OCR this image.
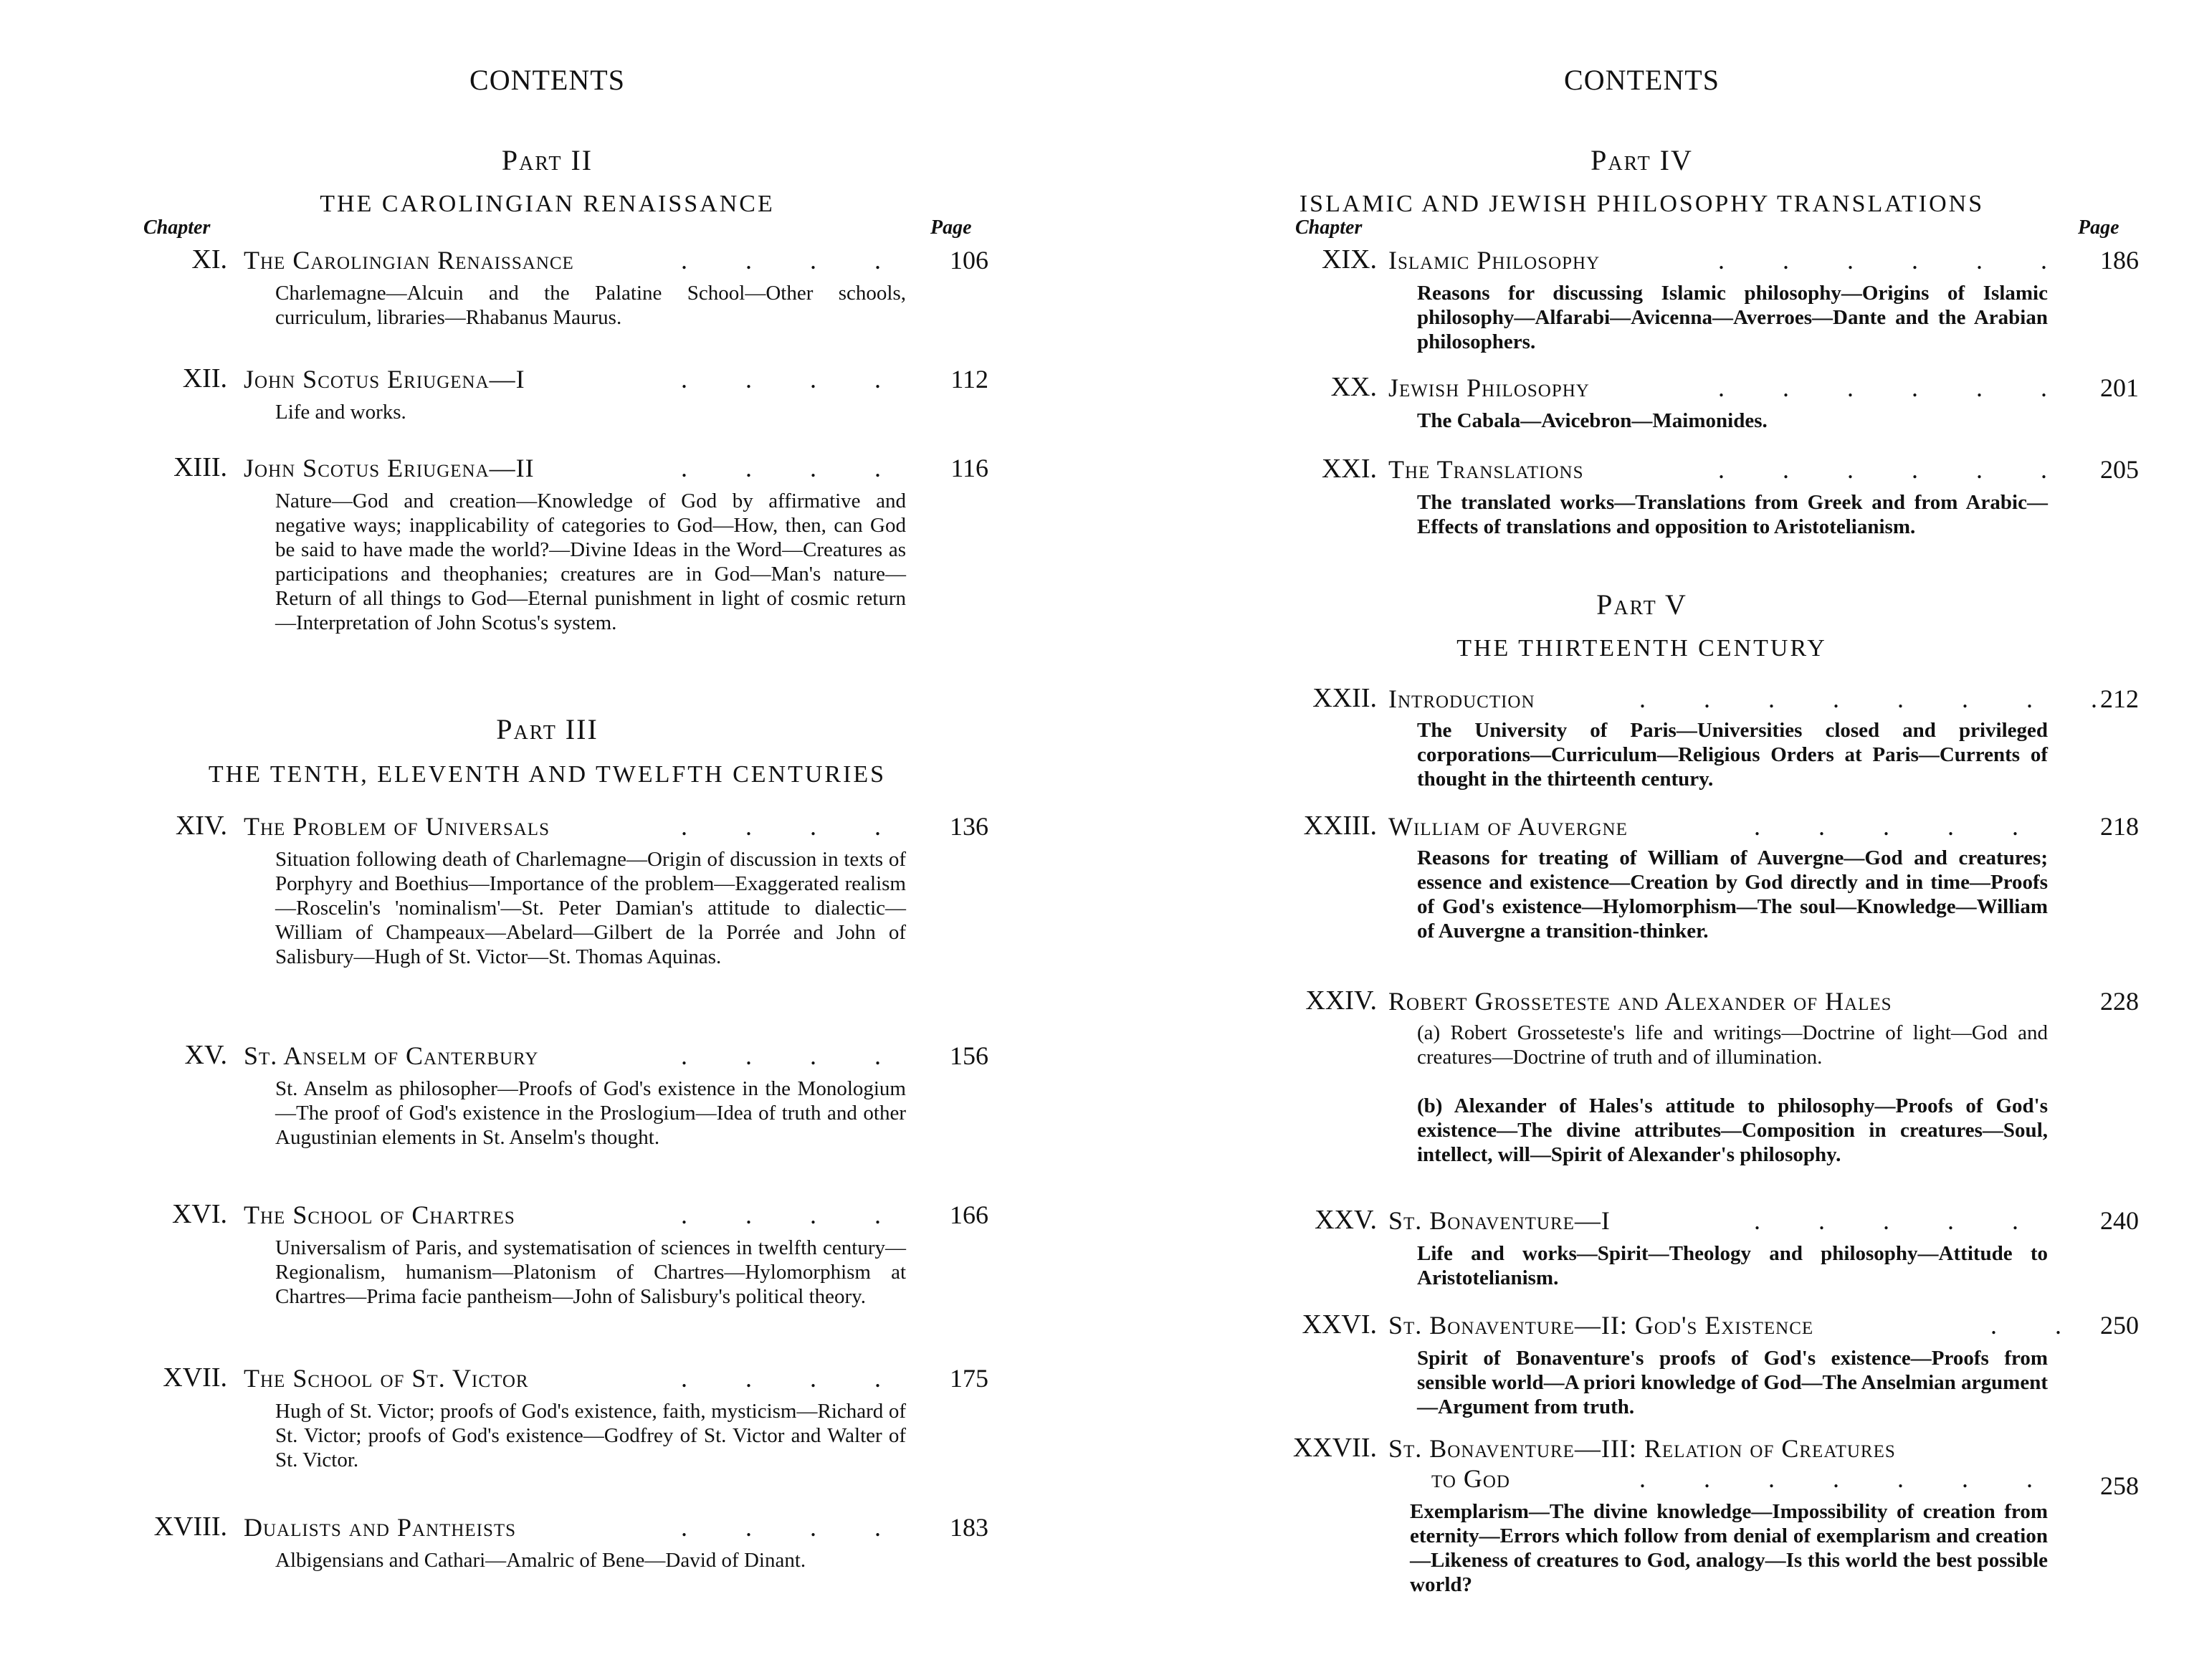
CONTENTS
Part II
THE CAROLINGIAN RENAISSANCE
Chapter	Page
XI. The Carolingian Renaissance	.         .         .         .	106
Charlemagne—Alcuin and the Palatine School—Other schools, curriculum, libraries—Rhabanus Maurus.
XII. John Scotus Eriugena—I	.         .         .         .	112
Life and works.
XIII. John Scotus Eriugena—II	.         .         .         .	116
Nature—God and creation—Knowledge of God by affirmative and negative ways; inapplicability of categories to God—How, then, can God be said to have made the world?—Divine Ideas in the Word—Creatures as participations and theophanies; creatures are in God—Man's nature—Return of all things to God—Eternal punishment in light of cosmic return—Interpretation of John Scotus's system.
Part III
THE TENTH, ELEVENTH AND TWELFTH CENTURIES
XIV. The Problem of Universals	.         .         .         .	136
Situation following death of Charlemagne—Origin of discussion in texts of Porphyry and Boethius—Importance of the problem—Exaggerated realism—Roscelin's 'nominalism'—St. Peter Damian's attitude to dialectic—William of Champeaux—Abelard—Gilbert de la Porrée and John of Salisbury—Hugh of St. Victor—St. Thomas Aquinas.
XV. St. Anselm of Canterbury	.         .         .         .	156
St. Anselm as philosopher—Proofs of God's existence in the Monologium—The proof of God's existence in the Proslogium—Idea of truth and other Augustinian elements in St. Anselm's thought.
XVI. The School of Chartres	.         .         .         .	166
Universalism of Paris, and systematisation of sciences in twelfth century—Regionalism, humanism—Platonism of Chartres—Hylomorphism at Chartres—Prima facie pantheism—John of Salisbury's political theory.
XVII. The School of St. Victor	.         .         .         .	175
Hugh of St. Victor; proofs of God's existence, faith, mysticism—Richard of St. Victor; proofs of God's existence—Godfrey of St. Victor and Walter of St. Victor.
XVIII. Dualists and Pantheists	.         .         .         .	183
Albigensians and Cathari—Amalric of Bene—David of Dinant.
CONTENTS
Part IV
ISLAMIC AND JEWISH PHILOSOPHY TRANSLATIONS
Chapter	Page
XIX. Islamic Philosophy	.         .         .         .         .         . 186
Reasons for discussing Islamic philosophy—Origins of Islamic philosophy—Alfarabi—Avicenna—Averroes—Dante and the Arabian philosophers.
XX. Jewish Philosophy	.         .         .         .         .         . 201
The Cabala—Avicebron—Maimonides.
XXI. The Translations	.         .         .         .         .         . 205
The translated works—Translations from Greek and from Arabic—Effects of translations and opposition to Aristotelianism.
Part V
THE THIRTEENTH CENTURY
XXII. Introduction	.         .         .         .         .         .         .         . 212
The University of Paris—Universities closed and privileged corporations—Curriculum—Religious Orders at Paris—Currents of thought in the thirteenth century.
XXIII. William of Auvergne	.         .         .         .         .	218
Reasons for treating of William of Auvergne—God and creatures; essence and existence—Creation by God directly and in time—Proofs of God's existence—Hylomorphism—The soul—Knowledge—William of Auvergne a transition-thinker.
XXIV. Robert Grosseteste and Alexander of Hales	228
(a) Robert Grosseteste's life and writings—Doctrine of light—God and creatures—Doctrine of truth and of illumination.
(b) Alexander of Hales's attitude to philosophy—Proofs of God's existence—The divine attributes—Composition in creatures—Soul, intellect, will—Spirit of Alexander's philosophy.
XXV. St. Bonaventure—I	.         .         .         .         .	240
Life and works—Spirit—Theology and philosophy—Attitude to Aristotelianism.
XXVI. St. Bonaventure—II: God's Existence	.         . 250
Spirit of Bonaventure's proofs of God's existence—Proofs from sensible world—A priori knowledge of God—The Anselmian argument—Argument from truth.
XXVII. St. Bonaventure—III: Relation of Creatures
to God	.         .         .         .         .         .         .	258
Exemplarism—The divine knowledge—Impossibility of creation from eternity—Errors which follow from denial of exemplarism and creation—Likeness of creatures to God, analogy—Is this world the best possible world?
